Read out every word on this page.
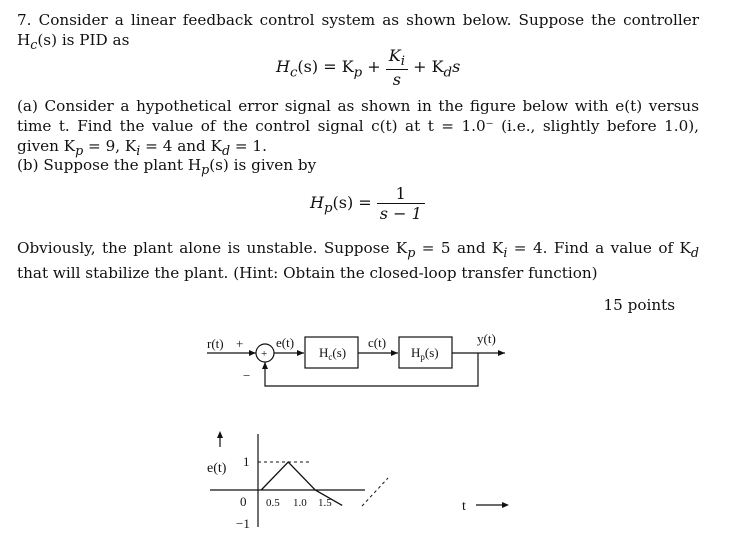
7. Consider a linear feedback control system as shown below. Suppose the controller $H_c(s)$ is PID as
$H_c(s) = K_p + \frac{K_i}{s} + K_ds$
(a) Consider a hypothetical error signal as shown in the figure below with e(t) versus time t. Find the value of the control signal c(t) at t = 1.0⁻ (i.e., slightly before 1.0), given $K_p = 9$, $K_i = 4$ and $K_d = 1$.
(b) Suppose the plant $H_p(s)$ is given by
$H_p(s) = \frac{1}{s - 1}$
Obviously, the plant alone is unstable. Suppose $K_p = 5$ and $K_i = 4$. Find a value of $K_d$ that will stabilize the plant. (Hint: Obtain the closed-loop transfer function)
15 points
r(t) +
+
−
e(t)
$H_c(s)$
c(t)
$H_p(s)$
y(t)
e(t) 1
0
−1
0.5 1.0 1.5	t
